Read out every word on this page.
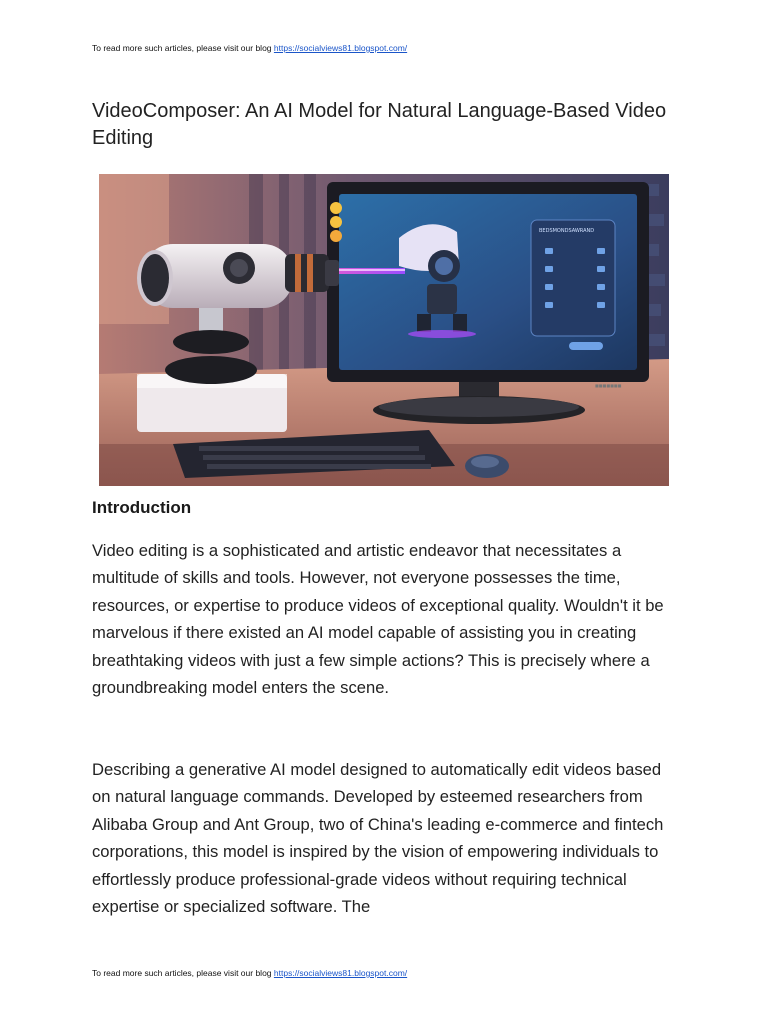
To read more such articles, please visit our blog https://socialviews81.blogspot.com/
VideoComposer: An AI Model for Natural Language-Based Video Editing
BEDSMONDSAWRAND
■■■■■■■
Introduction

Video editing is a sophisticated and artistic endeavor that necessitates a multitude of skills and tools. However, not everyone possesses the time, resources, or expertise to produce videos of exceptional quality. Wouldn't it be marvelous if there existed an AI model capable of assisting you in creating breathtaking videos with just a few simple actions? This is precisely where a groundbreaking model enters the scene.

Describing a generative AI model designed to automatically edit videos based on natural language commands. Developed by esteemed researchers from Alibaba Group and Ant Group, two of China's leading e-commerce and fintech corporations, this model is inspired by the vision of empowering individuals to effortlessly produce professional-grade videos without requiring technical expertise or specialized software. The

To read more such articles, please visit our blog https://socialviews81.blogspot.com/
